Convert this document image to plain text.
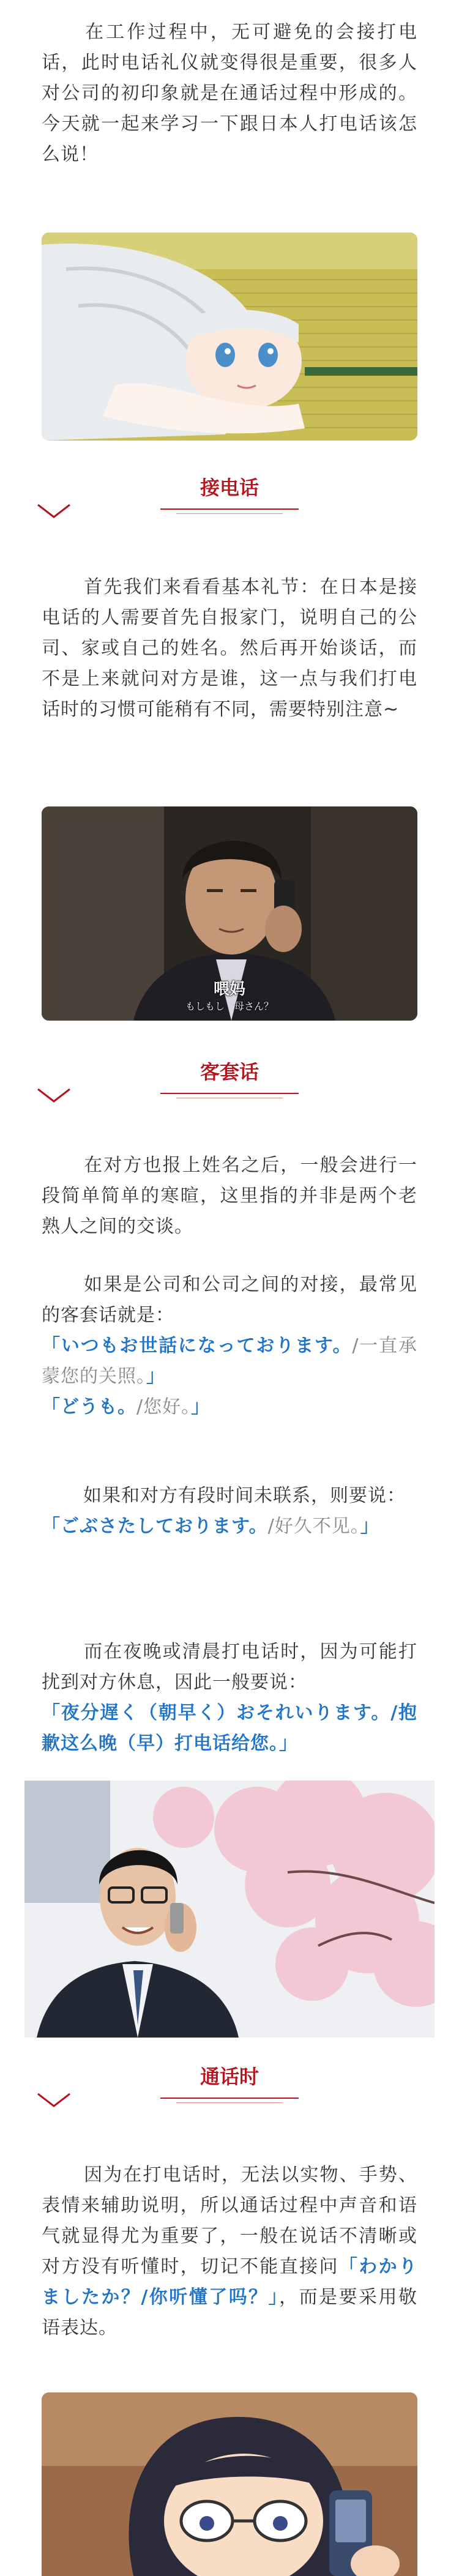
在工作过程中，无可避免的会接打电话，此时电话礼仪就变得很是重要，很多人对公司的初印象就是在通话过程中形成的。今天就一起来学习一下跟日本人打电话该怎么说！

接电话

首先我们来看看基本礼节：在日本是接电话的人需要首先自报家门，说明自己的公司、家或自己的姓名。然后再开始谈话，而不是上来就问对方是谁，这一点与我们打电话时的习惯可能稍有不同，需要特别注意~

喂妈
もしもし　母さん？
客套话

在对方也报上姓名之后，一般会进行一段简单简单的寒暄，这里指的并非是两个老熟人之间的交谈。

如果是公司和公司之间的对接，最常见的客套话就是：
「いつもお世話になっております。/一直承蒙您的关照。」
「どうも。/您好。」

如果和对方有段时间未联系，则要说：
「ごぶさたしております。/好久不见。」

而在夜晚或清晨打电话时，因为可能打扰到对方休息，因此一般要说：
「夜分遅く（朝早く）おそれいります。/抱歉这么晚（早）打电话给您。」

通话时

因为在打电话时，无法以实物、手势、表情来辅助说明，所以通话过程中声音和语气就显得尤为重要了，一般在说话不清晰或对方没有听懂时，切记不能直接问「わかりましたか？/你听懂了吗？」，而是要采用敬语表达。
